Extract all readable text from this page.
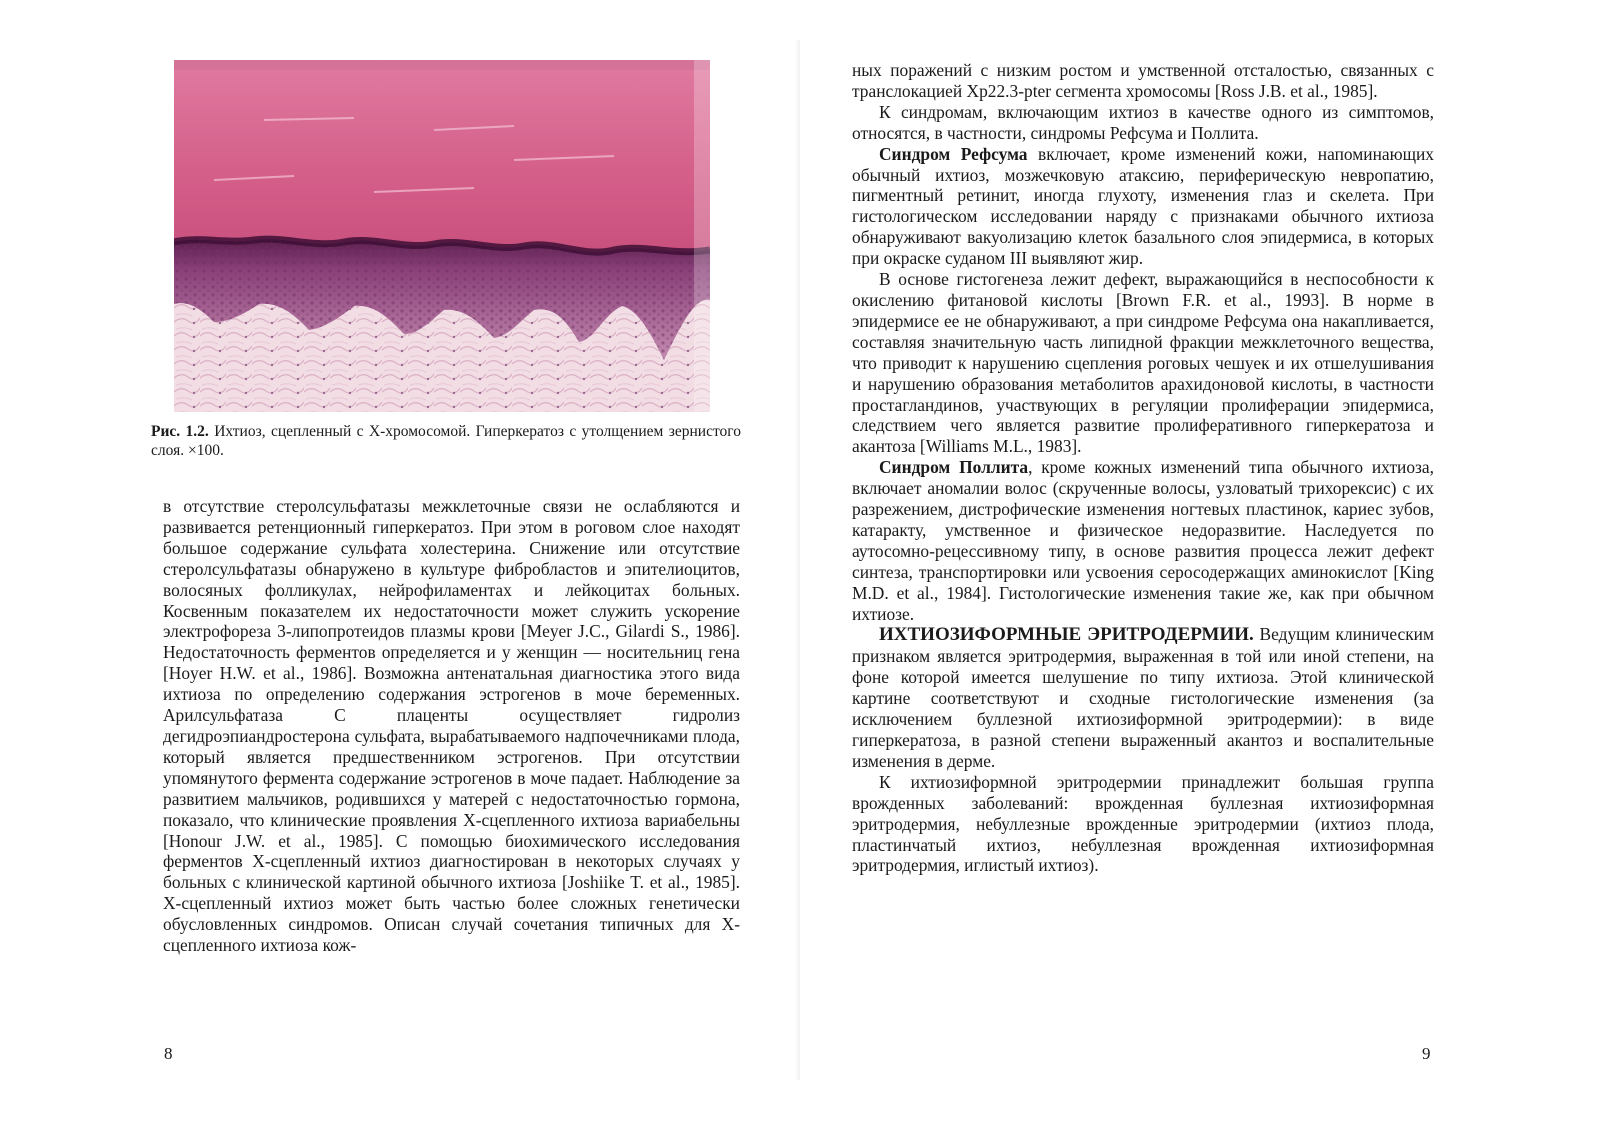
Рис. 1.2. Ихтиоз, сцепленный с Х-хромосомой. Гиперкератоз с утолщением зернистого слоя. ×100.

в отсутствие стеролсульфатазы межклеточные связи не ослабляются и развивается ретенционный гиперкератоз. При этом в роговом слое находят большое содержание сульфата холестерина. Снижение или отсутствие стеролсульфатазы обнаружено в культуре фибробластов и эпителиоцитов, волосяных фолликулах, нейрофиламентах и лейкоцитах больных. Косвенным показателем их недостаточности может служить ускорение электрофореза 3-липопротеидов плазмы крови [Meyer J.C., Gilardi S., 1986]. Недостаточность ферментов определяется и у женщин — носительниц гена [Hoyer H.W. et al., 1986]. Возможна антенатальная диагностика этого вида ихтиоза по определению содержания эстрогенов в моче беременных. Арилсульфатаза С плаценты осуществляет гидролиз дегидроэпиандростерона сульфата, вырабатываемого надпочечниками плода, который является предшественником эстрогенов. При отсутствии упомянутого фермента содержание эстрогенов в моче падает. Наблюдение за развитием мальчиков, родившихся у матерей с недостаточностью гормона, показало, что клинические проявления Х-сцепленного ихтиоза вариабельны [Honour J.W. et al., 1985]. С помощью биохимического исследования ферментов Х-сцепленный ихтиоз диагностирован в некоторых случаях у больных с клинической картиной обычного ихтиоза [Joshiike T. et al., 1985]. Х-сцепленный ихтиоз может быть частью более сложных генетически обусловленных синдромов. Описан случай сочетания типичных для Х-сцепленного ихтиоза кож-

8

ных поражений с низким ростом и умственной отсталостью, связанных с транслокацией Xp22.3-pter сегмента хромосомы [Ross J.B. et al., 1985].

К синдромам, включающим ихтиоз в качестве одного из симптомов, относятся, в частности, синдромы Рефсума и Поллита.

Синдром Рефсума включает, кроме изменений кожи, напоминающих обычный ихтиоз, мозжечковую атаксию, периферическую невропатию, пигментный ретинит, иногда глухоту, изменения глаз и скелета. При гистологическом исследовании наряду с признаками обычного ихтиоза обнаруживают вакуолизацию клеток базального слоя эпидермиса, в которых при окраске суданом III выявляют жир.

В основе гистогенеза лежит дефект, выражающийся в неспособности к окислению фитановой кислоты [Brown F.R. et al., 1993]. В норме в эпидермисе ее не обнаруживают, а при синдроме Рефсума она накапливается, составляя значительную часть липидной фракции межклеточного вещества, что приводит к нарушению сцепления роговых чешуек и их отшелушивания и нарушению образования метаболитов арахидоновой кислоты, в частности простагландинов, участвующих в регуляции пролиферации эпидермиса, следствием чего является развитие пролиферативного гиперкератоза и акантоза [Williams M.L., 1983].

Синдром Поллита, кроме кожных изменений типа обычного ихтиоза, включает аномалии волос (скрученные волосы, узловатый трихорексис) с их разрежением, дистрофические изменения ногтевых пластинок, кариес зубов, катаракту, умственное и физическое недоразвитие. Наследуется по аутосомно-рецессивному типу, в основе развития процесса лежит дефект синтеза, транспортировки или усвоения серосодержащих аминокислот [King M.D. et al., 1984]. Гистологические изменения такие же, как при обычном ихтиозе.

ИХТИОЗИФОРМНЫЕ ЭРИТРОДЕРМИИ. Ведущим клиническим признаком является эритродермия, выраженная в той или иной степени, на фоне которой имеется шелушение по типу ихтиоза. Этой клинической картине соответствуют и сходные гистологические изменения (за исключением буллезной ихтиозиформной эритродермии): в виде гиперкератоза, в разной степени выраженный акантоз и воспалительные изменения в дерме.

К ихтиозиформной эритродермии принадлежит большая группа врожденных заболеваний: врожденная буллезная ихтиозиформная эритродермия, небуллезные врожденные эритродермии (ихтиоз плода, пластинчатый ихтиоз, небуллезная врожденная ихтиозиформная эритродермия, иглистый ихтиоз).

9
